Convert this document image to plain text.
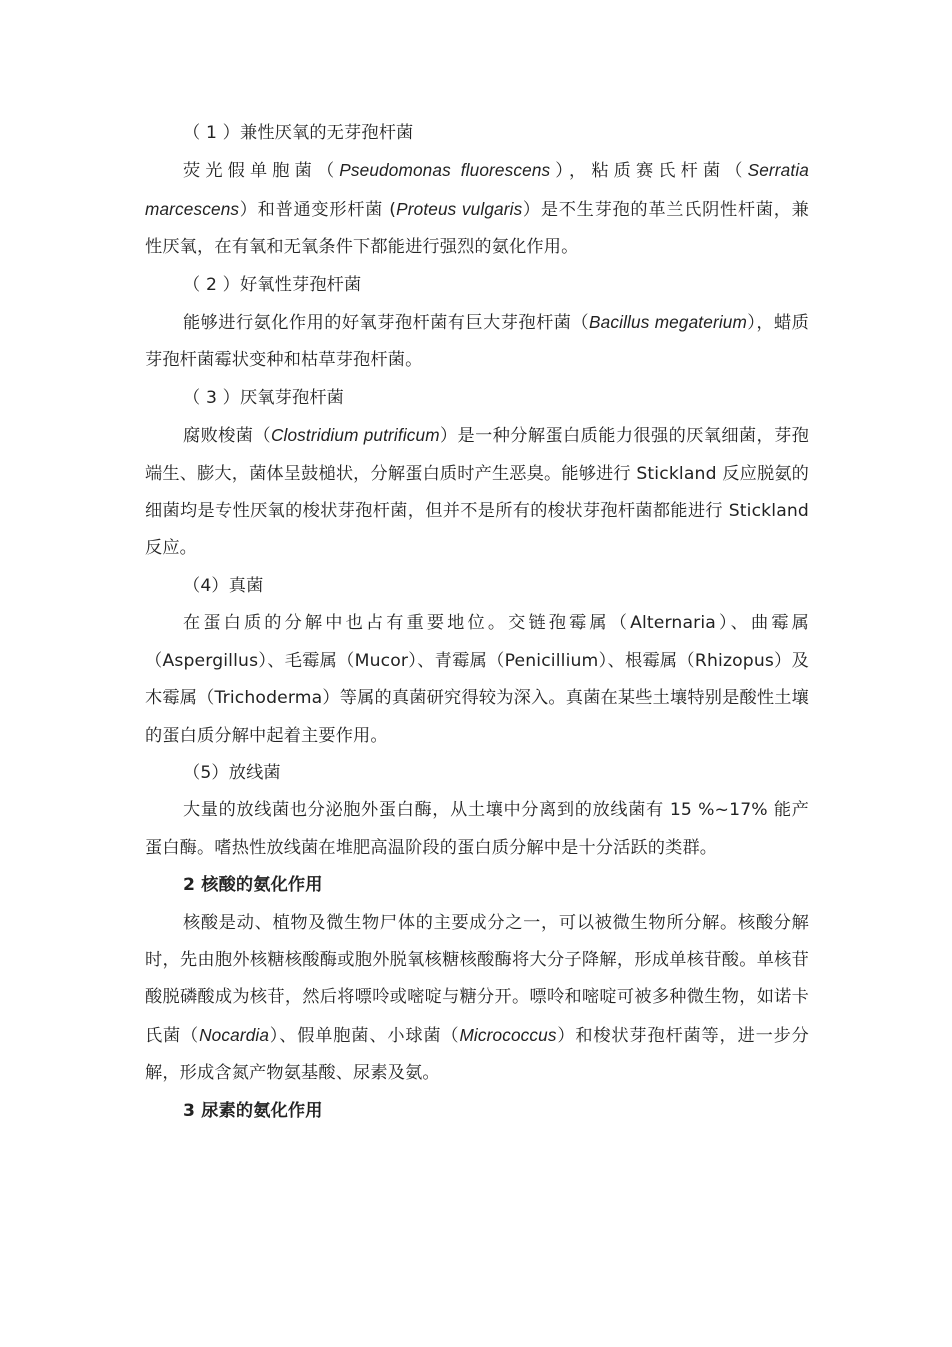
（ 1 ）兼性厌氧的无芽孢杆菌

荧光假单胞菌（Pseudomonas fluorescens），粘质赛氏杆菌（Serratia marcescens）和普通变形杆菌 (Proteus vulgaris）是不生芽孢的革兰氏阴性杆菌，兼性厌氧，在有氧和无氧条件下都能进行强烈的氨化作用。

（ 2 ）好氧性芽孢杆菌

能够进行氨化作用的好氧芽孢杆菌有巨大芽孢杆菌（Bacillus megaterium），蜡质芽孢杆菌霉状变种和枯草芽孢杆菌。

（ 3 ）厌氧芽孢杆菌

腐败梭菌（Clostridium putrificum）是一种分解蛋白质能力很强的厌氧细菌，芽孢端生、膨大，菌体呈鼓槌状，分解蛋白质时产生恶臭。能够进行 Stickland 反应脱氨的细菌均是专性厌氧的梭状芽孢杆菌，但并不是所有的梭状芽孢杆菌都能进行 Stickland 反应。

（4）真菌

在蛋白质的分解中也占有重要地位。交链孢霉属（Alternaria）、曲霉属（Aspergillus）、毛霉属（Mucor）、青霉属（Penicillium）、根霉属（Rhizopus）及木霉属（Trichoderma）等属的真菌研究得较为深入。真菌在某些土壤特别是酸性土壤的蛋白质分解中起着主要作用。

（5）放线菌

大量的放线菌也分泌胞外蛋白酶，从土壤中分离到的放线菌有 15 %~17% 能产蛋白酶。嗜热性放线菌在堆肥高温阶段的蛋白质分解中是十分活跃的类群。

2 核酸的氨化作用

核酸是动、植物及微生物尸体的主要成分之一，可以被微生物所分解。核酸分解时，先由胞外核糖核酸酶或胞外脱氧核糖核酸酶将大分子降解，形成单核苷酸。单核苷酸脱磷酸成为核苷，然后将嘌呤或嘧啶与糖分开。嘌呤和嘧啶可被多种微生物，如诺卡氏菌（Nocardia）、假单胞菌、小球菌（Micrococcus）和梭状芽孢杆菌等，进一步分解，形成含氮产物氨基酸、尿素及氨。

3 尿素的氨化作用
